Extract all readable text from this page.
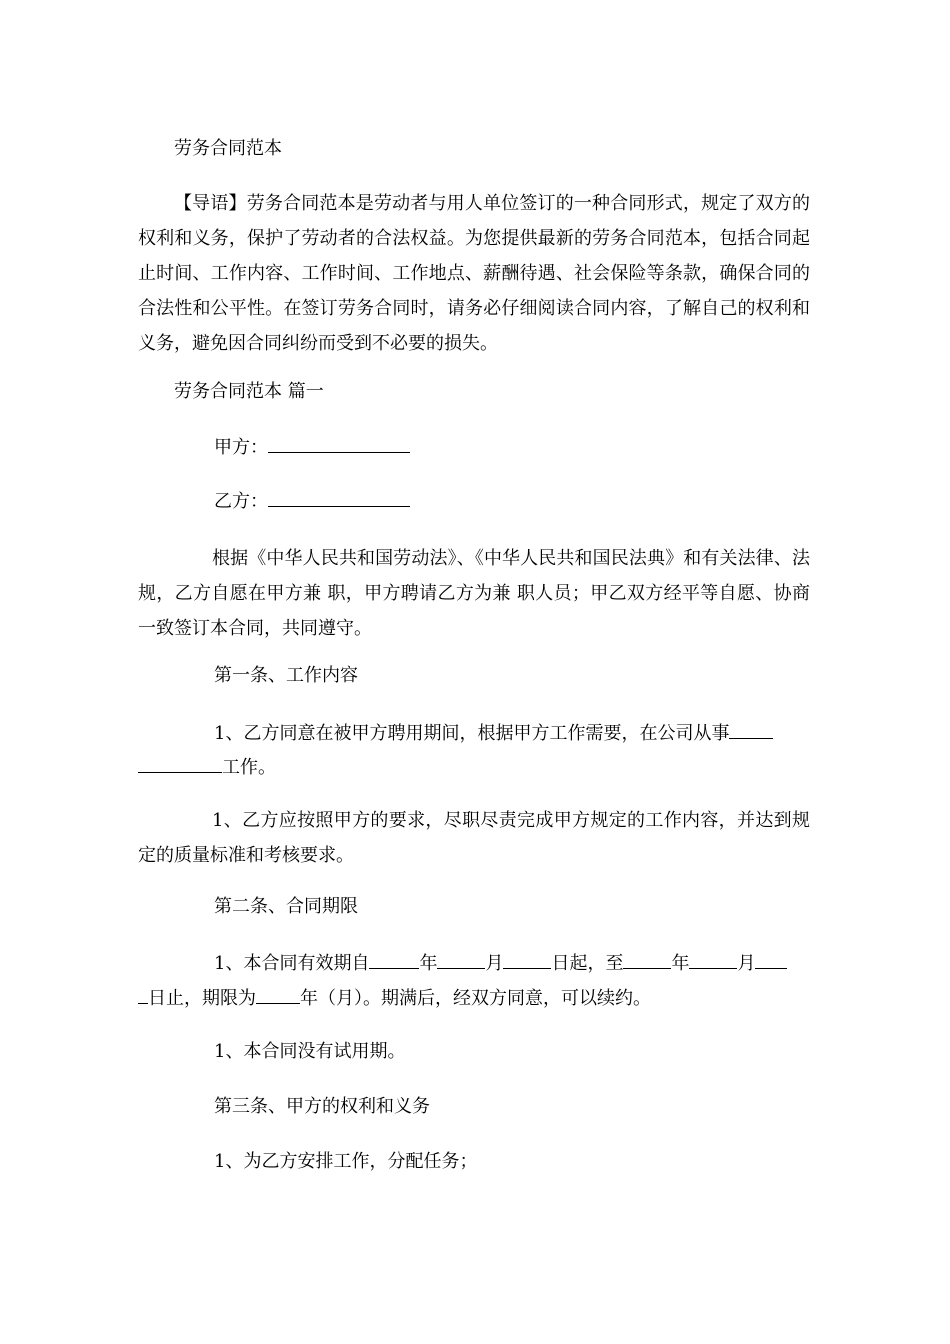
劳务合同范本
【导语】劳务合同范本是劳动者与用人单位签订的一种合同形式，规定了双方的权利和义务，保护了劳动者的合法权益。为您提供最新的劳务合同范本，包括合同起止时间、工作内容、工作时间、工作地点、薪酬待遇、社会保险等条款，确保合同的合法性和公平性。在签订劳务合同时，请务必仔细阅读合同内容，了解自己的权利和义务，避免因合同纠纷而受到不必要的损失。
劳务合同范本 篇一
甲方：
乙方：
根据《中华人民共和国劳动法》、《中华人民共和国民法典》和有关法律、法规，乙方自愿在甲方兼 职，甲方聘请乙方为兼 职人员；甲乙双方经平等自愿、协商一致签订本合同，共同遵守。
第一条、工作内容
1、乙方同意在被甲方聘用期间，根据甲方工作需要，在公司从事
工作。
1、乙方应按照甲方的要求，尽职尽责完成甲方规定的工作内容，并达到规定的质量标准和考核要求。
第二条、合同期限
1、本合同有效期自	年	月	日起，至	年	月
日止，期限为 年（月）。期满后，经双方同意，可以续约。
1、本合同没有试用期。
第三条、甲方的权利和义务
1、为乙方安排工作，分配任务；
